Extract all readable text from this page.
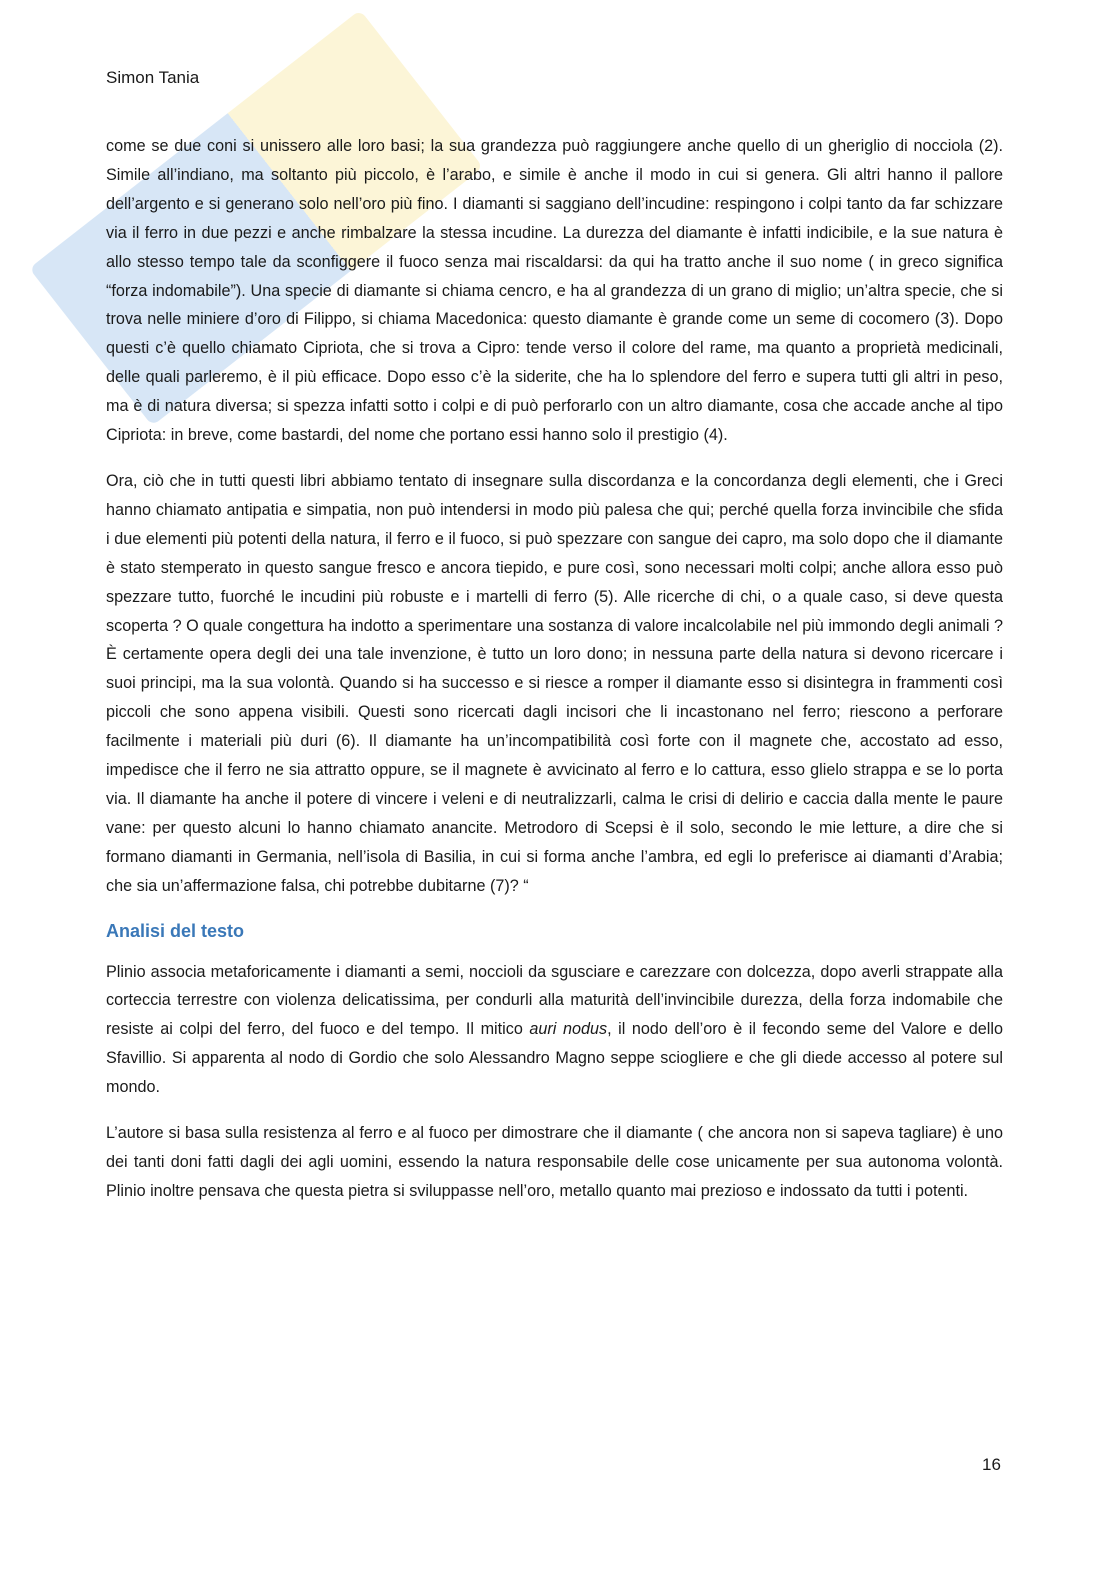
Simon Tania

come se due coni si unissero alle loro basi; la sua grandezza può raggiungere anche quello di un gheriglio di nocciola (2). Simile all’indiano, ma soltanto più piccolo, è l’arabo, e simile è anche il modo in cui si genera. Gli altri hanno il pallore dell’argento e si generano solo nell’oro più fino. I diamanti si saggiano dell’incudine: respingono i colpi tanto da far schizzare via il ferro in due pezzi e anche rimbalzare la stessa incudine. La durezza del diamante è infatti indicibile, e la sue natura è allo stesso tempo tale da sconfiggere il fuoco senza mai riscaldarsi: da qui ha tratto anche il suo nome ( in greco significa “forza indomabile”). Una specie di diamante si chiama cencro, e ha al grandezza di un grano di miglio; un’altra specie, che si trova nelle miniere d’oro di Filippo, si chiama Macedonica: questo diamante è grande come un seme di cocomero (3). Dopo questi c’è quello chiamato Cipriota, che si trova a Cipro: tende verso il colore del rame, ma quanto a proprietà medicinali, delle quali parleremo, è il più efficace. Dopo esso c’è la siderite, che ha lo splendore del ferro e supera tutti gli altri in peso, ma è di natura diversa; si spezza infatti sotto i colpi e di può perforarlo con un altro diamante, cosa che accade anche al tipo Cipriota: in breve, come bastardi, del nome che portano essi hanno solo il prestigio (4).

Ora, ciò che in tutti questi libri abbiamo tentato di insegnare sulla discordanza e la concordanza degli elementi, che i Greci hanno chiamato antipatia e simpatia, non può intendersi in modo più palesa che qui; perché quella forza invincibile che sfida i due elementi più potenti della natura, il ferro e il fuoco, si può spezzare con sangue dei capro, ma solo dopo che il diamante è stato stemperato in questo sangue fresco e ancora tiepido, e pure così, sono necessari molti colpi; anche allora esso può spezzare tutto, fuorché le incudini più robuste e i martelli di ferro (5). Alle ricerche di chi, o a quale caso, si deve questa scoperta ? O quale congettura ha indotto a sperimentare una sostanza di valore incalcolabile nel più immondo degli animali ? È certamente opera degli dei una tale invenzione, è tutto un loro dono; in nessuna parte della natura si devono ricercare i suoi principi, ma la sua volontà. Quando si ha successo e si riesce a romper il diamante esso si disintegra in frammenti così piccoli che sono appena visibili. Questi sono ricercati dagli incisori che li incastonano nel ferro; riescono a perforare facilmente i materiali più duri (6). Il diamante ha un’incompatibilità così forte con il magnete che, accostato ad esso, impedisce che il ferro ne sia attratto oppure, se il magnete è avvicinato al ferro e lo cattura, esso glielo strappa e se lo porta via. Il diamante ha anche il potere di vincere i veleni e di neutralizzarli, calma le crisi di delirio e caccia dalla mente le paure vane: per questo alcuni lo hanno chiamato anancite. Metrodoro di Scepsi è il solo, secondo le mie letture, a dire che si formano diamanti in Germania, nell’isola di Basilia, in cui si forma anche l’ambra, ed egli lo preferisce ai diamanti d’Arabia; che sia un’affermazione falsa, chi potrebbe dubitarne (7)? “

Analisi del testo

Plinio associa metaforicamente i diamanti a semi, noccioli da sgusciare e carezzare con dolcezza, dopo averli strappate alla corteccia terrestre con violenza delicatissima, per condurli alla maturità dell’invincibile durezza, della forza indomabile che resiste ai colpi del ferro, del fuoco e del tempo. Il mitico auri nodus, il nodo dell’oro è il fecondo seme del Valore e dello Sfavillio. Si apparenta al nodo di Gordio che solo Alessandro Magno seppe sciogliere e che gli diede accesso al potere sul mondo.

L’autore si basa sulla resistenza al ferro e al fuoco per dimostrare che il diamante ( che ancora non si sapeva tagliare) è uno dei tanti doni fatti dagli dei agli uomini, essendo la natura responsabile delle cose unicamente per sua autonoma volontà. Plinio inoltre pensava che questa pietra si sviluppasse nell’oro, metallo quanto mai prezioso e indossato da tutti i potenti.

16
